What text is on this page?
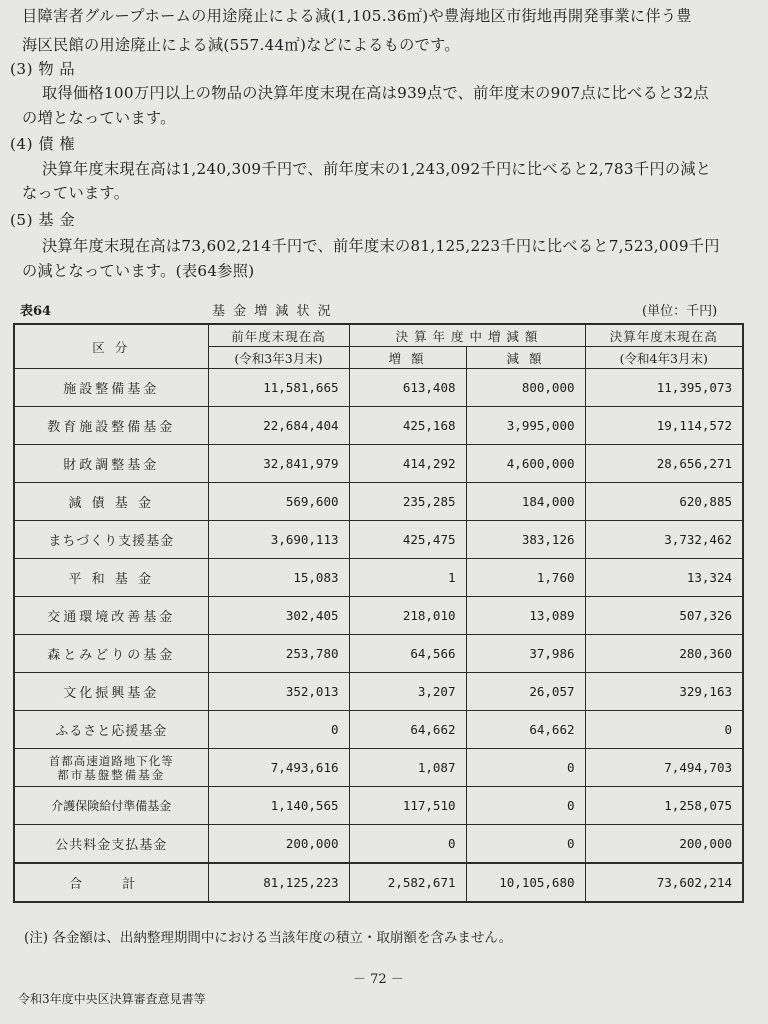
目障害者グループホームの用途廃止による減(1,105.36㎡)や豊海地区市街地再開発事業に伴う豊
海区民館の用途廃止による減(557.44㎡)などによるものです。
(3) 物 品
取得価格100万円以上の物品の決算年度末現在高は939点で、前年度末の907点に比べると32点
の増となっています。
(4) 債 権
決算年度末現在高は1,240,309千円で、前年度末の1,243,092千円に比べると2,783千円の減と
なっています。
(5) 基 金
決算年度末現在高は73,602,214千円で、前年度末の81,125,223千円に比べると7,523,009千円
の減となっています。(表64参照)
表64	基 金 増 減 状 況	(単位：千円)
区 分	前年度末現在高	決 算 年 度 中 増 減 額		決算年度末現在高
	(令和3年3月末)	増 額	減 額	(令和4年3月末)
施設整備基金	11,581,665	613,408	800,000	11,395,073
教育施設整備基金	22,684,404	425,168	3,995,000	19,114,572
財政調整基金	32,841,979	414,292	4,600,000	28,656,271
減 債 基 金	569,600	235,285	184,000	620,885
まちづくり支援基金	3,690,113	425,475	383,126	3,732,462
平 和 基 金	15,083	1	1,760	13,324
交通環境改善基金	302,405	218,010	13,089	507,326
森とみどりの基金	253,780	64,566	37,986	280,360
文化振興基金	352,013	3,207	26,057	329,163
ふるさと応援基金	0	64,662	64,662	0

首都高速道路地下化等
都市基盤整備基金	7,493,616	1,087	0	7,494,703
介護保険給付準備基金	1,140,565	117,510	0	1,258,075
公共料金支払基金	200,000	0	0	200,000
合 計	81,125,223	2,582,671	10,105,680	73,602,214
(注) 各金額は、出納整理期間中における当該年度の積立・取崩額を含みません。
－ 72 －
令和3年度中央区決算審査意見書等
